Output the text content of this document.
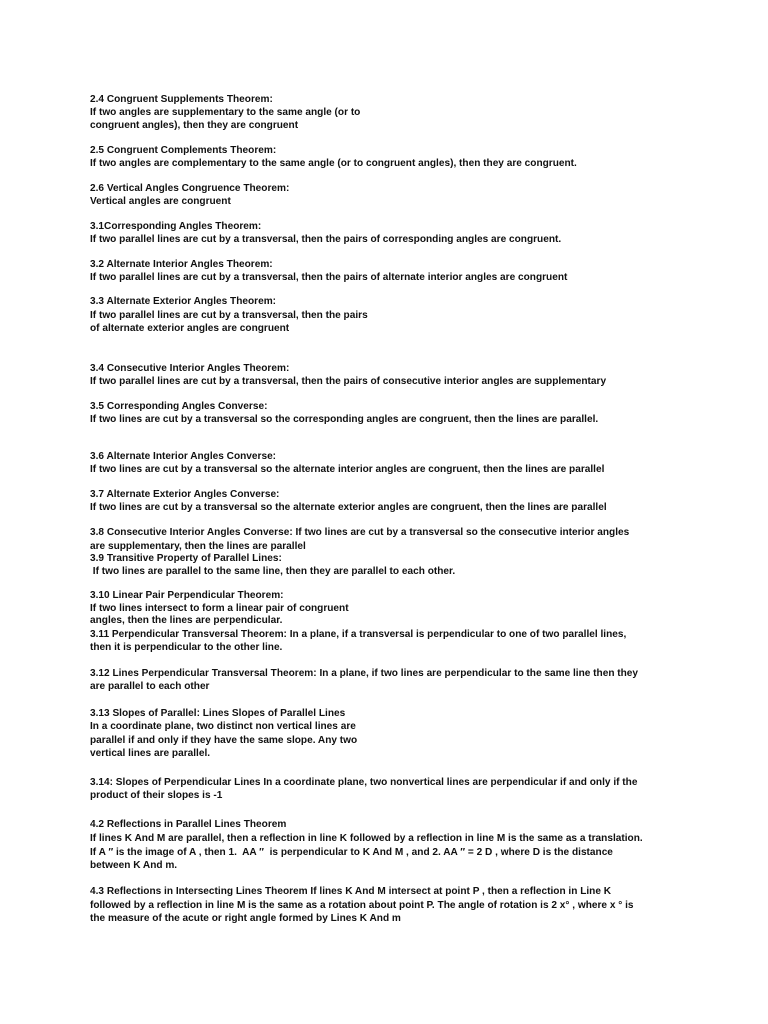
2.4 Congruent Supplements Theorem:
If two angles are supplementary to the same angle (or to
congruent angles), then they are congruent
2.5 Congruent Complements Theorem:
If two angles are complementary to the same angle (or to congruent angles), then they are congruent.
2.6 Vertical Angles Congruence Theorem:
Vertical angles are congruent
3.1Corresponding Angles Theorem:
If two parallel lines are cut by a transversal, then the pairs of corresponding angles are congruent.
3.2 Alternate Interior Angles Theorem:
If two parallel lines are cut by a transversal, then the pairs of alternate interior angles are congruent
3.3 Alternate Exterior Angles Theorem:
If two parallel lines are cut by a transversal, then the pairs
of alternate exterior angles are congruent
3.4 Consecutive Interior Angles Theorem:
If two parallel lines are cut by a transversal, then the pairs of consecutive interior angles are supplementary
3.5 Corresponding Angles Converse:
If two lines are cut by a transversal so the corresponding angles are congruent, then the lines are parallel.
3.6 Alternate Interior Angles Converse:
If two lines are cut by a transversal so the alternate interior angles are congruent, then the lines are parallel
3.7 Alternate Exterior Angles Converse:
If two lines are cut by a transversal so the alternate exterior angles are congruent, then the lines are parallel
3.8 Consecutive Interior Angles Converse: If two lines are cut by a transversal so the consecutive interior angles
are supplementary, then the lines are parallel
3.9 Transitive Property of Parallel Lines:
If two lines are parallel to the same line, then they are parallel to each other.
3.10 Linear Pair Perpendicular Theorem:
If two lines intersect to form a linear pair of congruent
angles, then the lines are perpendicular.
3.11 Perpendicular Transversal Theorem: In a plane, if a transversal is perpendicular to one of two parallel lines,
then it is perpendicular to the other line.
3.12 Lines Perpendicular Transversal Theorem: In a plane, if two lines are perpendicular to the same line then they
are parallel to each other
3.13 Slopes of Parallel: Lines Slopes of Parallel Lines
In a coordinate plane, two distinct non vertical lines are
parallel if and only if they have the same slope. Any two
vertical lines are parallel.
3.14: Slopes of Perpendicular Lines In a coordinate plane, two nonvertical lines are perpendicular if and only if the
product of their slopes is -1
4.2 Reflections in Parallel Lines Theorem
If lines K And M are parallel, then a reflection in line K followed by a reflection in line M is the same as a translation.
If A ″ is the image of A , then 1.  AA ″  is perpendicular to K And M , and 2. AA ″ = 2 D , where D is the distance
between K And m.
4.3 Reflections in Intersecting Lines Theorem If lines K And M intersect at point P , then a reflection in Line K
followed by a reflection in line M is the same as a rotation about point P. The angle of rotation is 2 x° , where x ° is
the measure of the acute or right angle formed by Lines K And m
